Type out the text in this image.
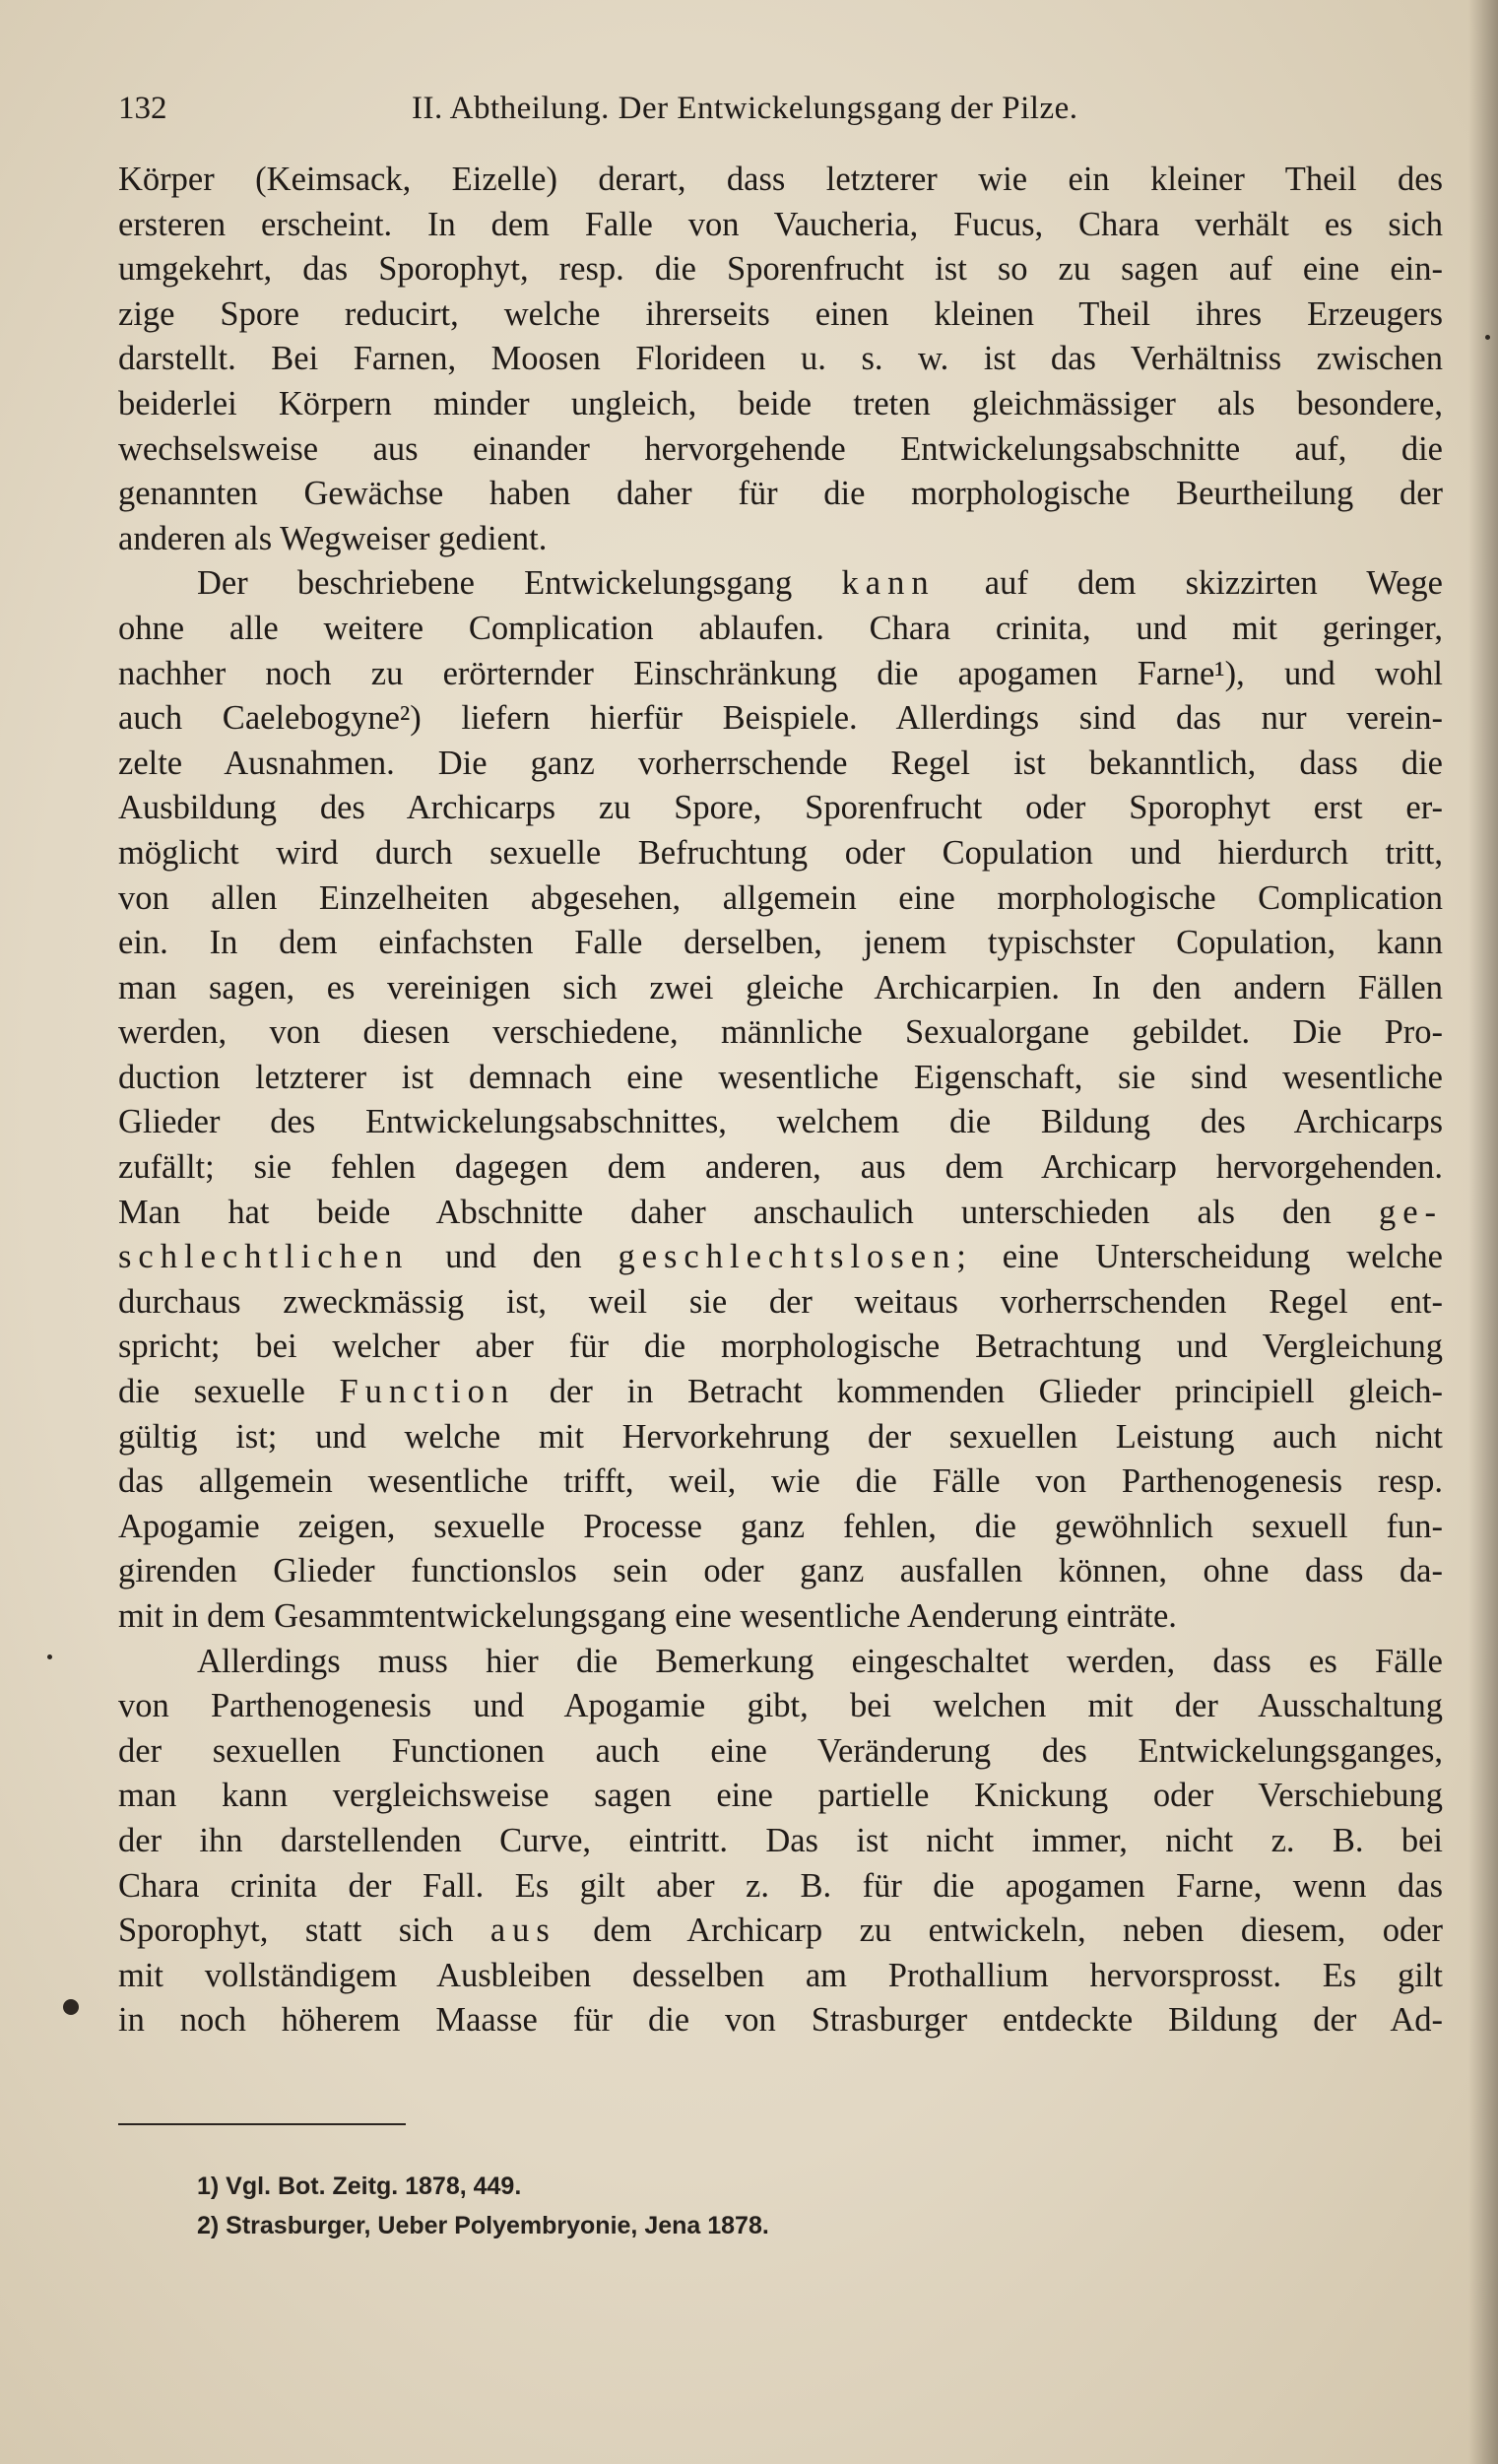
132	II. Abtheilung. Der Entwickelungsgang der Pilze.
Körper (Keimsack, Eizelle) derart, dass letzterer wie ein kleiner Theil des
ersteren erscheint. In dem Falle von Vaucheria, Fucus, Chara verhält es sich
umgekehrt, das Sporophyt, resp. die Sporenfrucht ist so zu sagen auf eine ein-
zige Spore reducirt, welche ihrerseits einen kleinen Theil ihres Erzeugers
darstellt. Bei Farnen, Moosen Florideen u. s. w. ist das Verhältniss zwischen
beiderlei Körpern minder ungleich, beide treten gleichmässiger als besondere,
wechselsweise aus einander hervorgehende Entwickelungsabschnitte auf, die
genannten Gewächse haben daher für die morphologische Beurtheilung der
anderen als Wegweiser gedient.
Der beschriebene Entwickelungsgang kann auf dem skizzirten Wege
ohne alle weitere Complication ablaufen. Chara crinita, und mit geringer,
nachher noch zu erörternder Einschränkung die apogamen Farne¹), und wohl
auch Caelebogyne²) liefern hierfür Beispiele. Allerdings sind das nur verein-
zelte Ausnahmen. Die ganz vorherrschende Regel ist bekanntlich, dass die
Ausbildung des Archicarps zu Spore, Sporenfrucht oder Sporophyt erst er-
möglicht wird durch sexuelle Befruchtung oder Copulation und hierdurch tritt,
von allen Einzelheiten abgesehen, allgemein eine morphologische Complication
ein. In dem einfachsten Falle derselben, jenem typischster Copulation, kann
man sagen, es vereinigen sich zwei gleiche Archicarpien. In den andern Fällen
werden, von diesen verschiedene, männliche Sexualorgane gebildet. Die Pro-
duction letzterer ist demnach eine wesentliche Eigenschaft, sie sind wesentliche
Glieder des Entwickelungsabschnittes, welchem die Bildung des Archicarps
zufällt; sie fehlen dagegen dem anderen, aus dem Archicarp hervorgehenden.
Man hat beide Abschnitte daher anschaulich unterschieden als den ge-
schlechtlichen und den geschlechtslosen; eine Unterscheidung welche
durchaus zweckmässig ist, weil sie der weitaus vorherrschenden Regel ent-
spricht; bei welcher aber für die morphologische Betrachtung und Vergleichung
die sexuelle Function der in Betracht kommenden Glieder principiell gleich-
gültig ist; und welche mit Hervorkehrung der sexuellen Leistung auch nicht
das allgemein wesentliche trifft, weil, wie die Fälle von Parthenogenesis resp.
Apogamie zeigen, sexuelle Processe ganz fehlen, die gewöhnlich sexuell fun-
girenden Glieder functionslos sein oder ganz ausfallen können, ohne dass da-
mit in dem Gesammtentwickelungsgang eine wesentliche Aenderung einträte.
Allerdings muss hier die Bemerkung eingeschaltet werden, dass es Fälle
von Parthenogenesis und Apogamie gibt, bei welchen mit der Ausschaltung
der sexuellen Functionen auch eine Veränderung des Entwickelungsganges,
man kann vergleichsweise sagen eine partielle Knickung oder Verschiebung
der ihn darstellenden Curve, eintritt. Das ist nicht immer, nicht z. B. bei
Chara crinita der Fall. Es gilt aber z. B. für die apogamen Farne, wenn das
Sporophyt, statt sich aus dem Archicarp zu entwickeln, neben diesem, oder
mit vollständigem Ausbleiben desselben am Prothallium hervorsprosst. Es gilt
in noch höherem Maasse für die von Strasburger entdeckte Bildung der Ad-
1) Vgl. Bot. Zeitg. 1878, 449.
2) Strasburger, Ueber Polyembryonie, Jena 1878.
